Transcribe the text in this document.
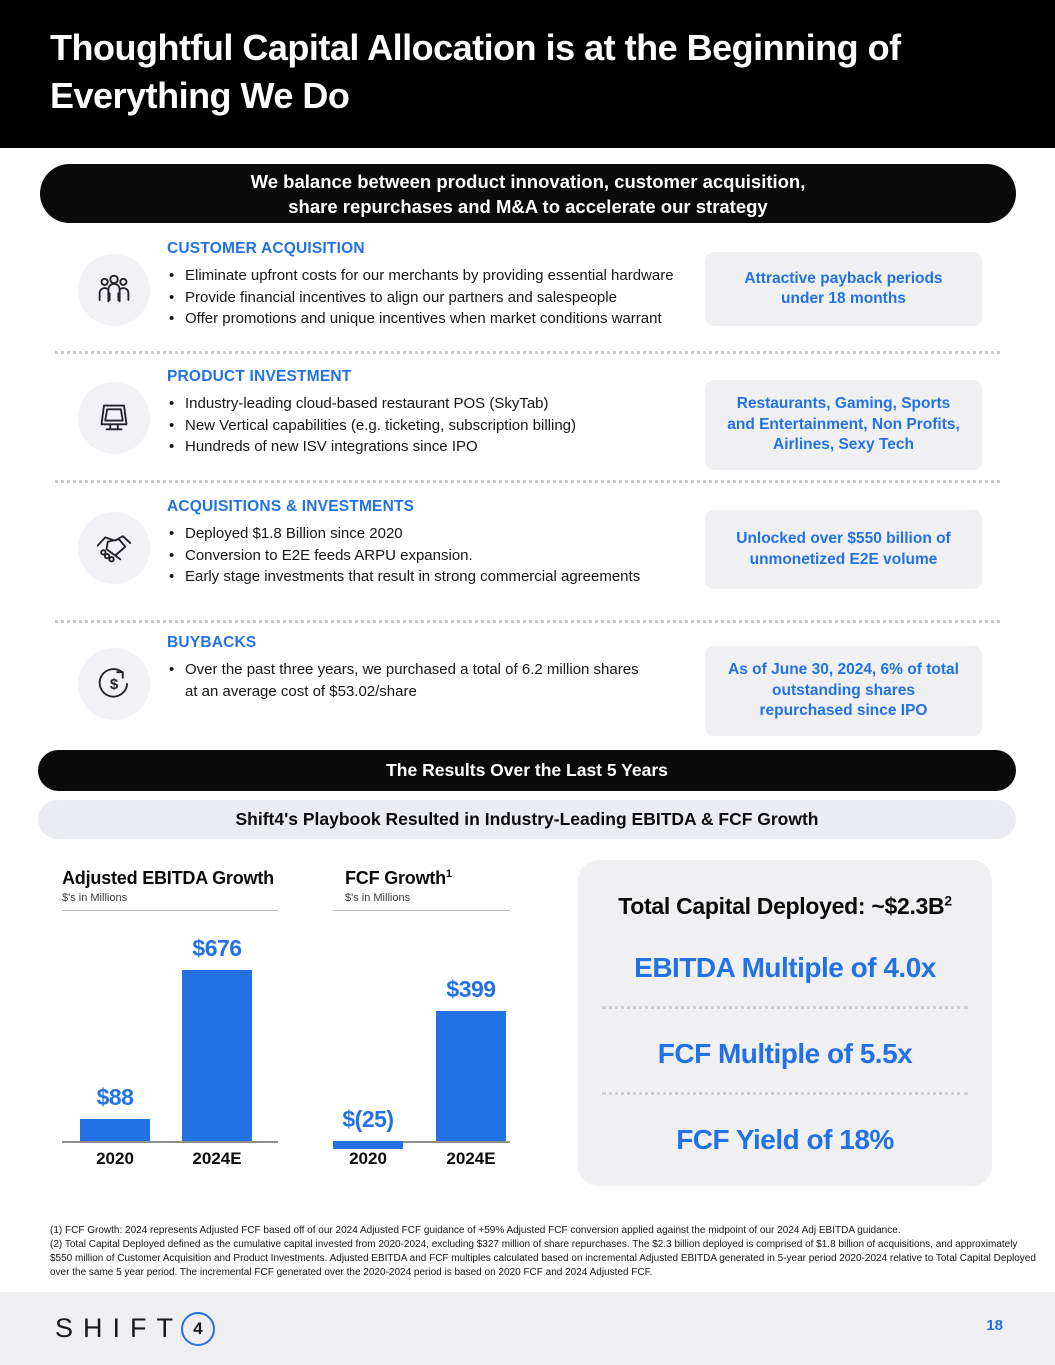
Thoughtful Capital Allocation is at the Beginning of
Everything We Do
We balance between product innovation, customer acquisition,
share repurchases and M&A to accelerate our strategy
CUSTOMER ACQUISITION
• Eliminate upfront costs for our merchants by providing essential hardware
• Provide financial incentives to align our partners and salespeople
• Offer promotions and unique incentives when market conditions warrant
Attractive payback periods under 18 months
PRODUCT INVESTMENT
• Industry-leading cloud-based restaurant POS (SkyTab)
• New Vertical capabilities (e.g. ticketing, subscription billing)
• Hundreds of new ISV integrations since IPO
Restaurants, Gaming, Sports and Entertainment, Non Profits, Airlines, Sexy Tech
ACQUISITIONS & INVESTMENTS
• Deployed $1.8 Billion since 2020
• Conversion to E2E feeds ARPU expansion.
• Early stage investments that result in strong commercial agreements
Unlocked over $550 billion of unmonetized E2E volume
$
BUYBACKS
• Over the past three years, we purchased a total of 6.2 million shares at an average cost of $53.02/share
As of June 30, 2024, 6% of total outstanding shares repurchased since IPO
The Results Over the Last 5 Years
Shift4's Playbook Resulted in Industry-Leading EBITDA & FCF Growth
Adjusted EBITDA Growth
$'s in Millions
$88
$676
2020	2024E
FCF Growth$^1$
$'s in Millions
$(25)
$399
2020	2024E
Total Capital Deployed: $\sim\$2.3B^2$
EBITDA Multiple of 4.0x
FCF Multiple of 5.5x
FCF Yield of 18%
(1) FCF Growth: 2024 represents Adjusted FCF based off of our 2024 Adjusted FCF guidance of +59% Adjusted FCF conversion applied against the midpoint of our 2024 Adj EBITDA guidance.
(2) Total Capital Deployed defined as the cumulative capital invested from 2020-2024, excluding $327 million of share repurchases. The $2.3 billion deployed is comprised of $1.8 billion of acquisitions, and approximately $550 million of Customer Acquisition and Product Investments. Adjusted EBITDA and FCF multiples calculated based on incremental Adjusted EBITDA generated in 5-year period 2020-2024 relative to Total Capital Deployed over the same 5 year period. The incremental FCF generated over the 2020-2024 period is based on 2020 FCF and 2024 Adjusted FCF.
SHIFT 4	18
